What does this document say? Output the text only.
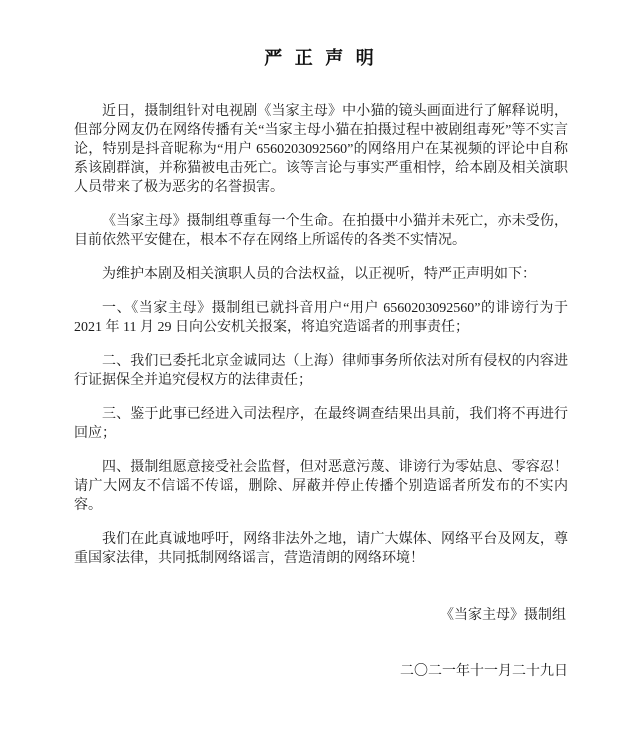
严 正 声 明

近日，摄制组针对电视剧《当家主母》中小猫的镜头画面进行了解释说明，但部分网友仍在网络传播有关“当家主母小猫在拍摄过程中被剧组毒死”等不实言论，特别是抖音昵称为“用户 6560203092560”的网络用户在某视频的评论中自称系该剧群演，并称猫被电击死亡。该等言论与事实严重相悖，给本剧及相关演职人员带来了极为恶劣的名誉损害。

《当家主母》摄制组尊重每一个生命。在拍摄中小猫并未死亡，亦未受伤，目前依然平安健在，根本不存在网络上所谣传的各类不实情况。

为维护本剧及相关演职人员的合法权益，以正视听，特严正声明如下：

一、《当家主母》摄制组已就抖音用户“用户 6560203092560”的诽谤行为于 2021 年 11 月 29 日向公安机关报案，将追究造谣者的刑事责任；

二、我们已委托北京金诚同达（上海）律师事务所依法对所有侵权的内容进行证据保全并追究侵权方的法律责任；

三、鉴于此事已经进入司法程序，在最终调查结果出具前，我们将不再进行回应；

四、摄制组愿意接受社会监督，但对恶意污蔑、诽谤行为零姑息、零容忍！请广大网友不信谣不传谣，删除、屏蔽并停止传播个别造谣者所发布的不实内容。

我们在此真诚地呼吁，网络非法外之地，请广大媒体、网络平台及网友，尊重国家法律，共同抵制网络谣言，营造清朗的网络环境！

《当家主母》摄制组
二〇二一年十一月二十九日
